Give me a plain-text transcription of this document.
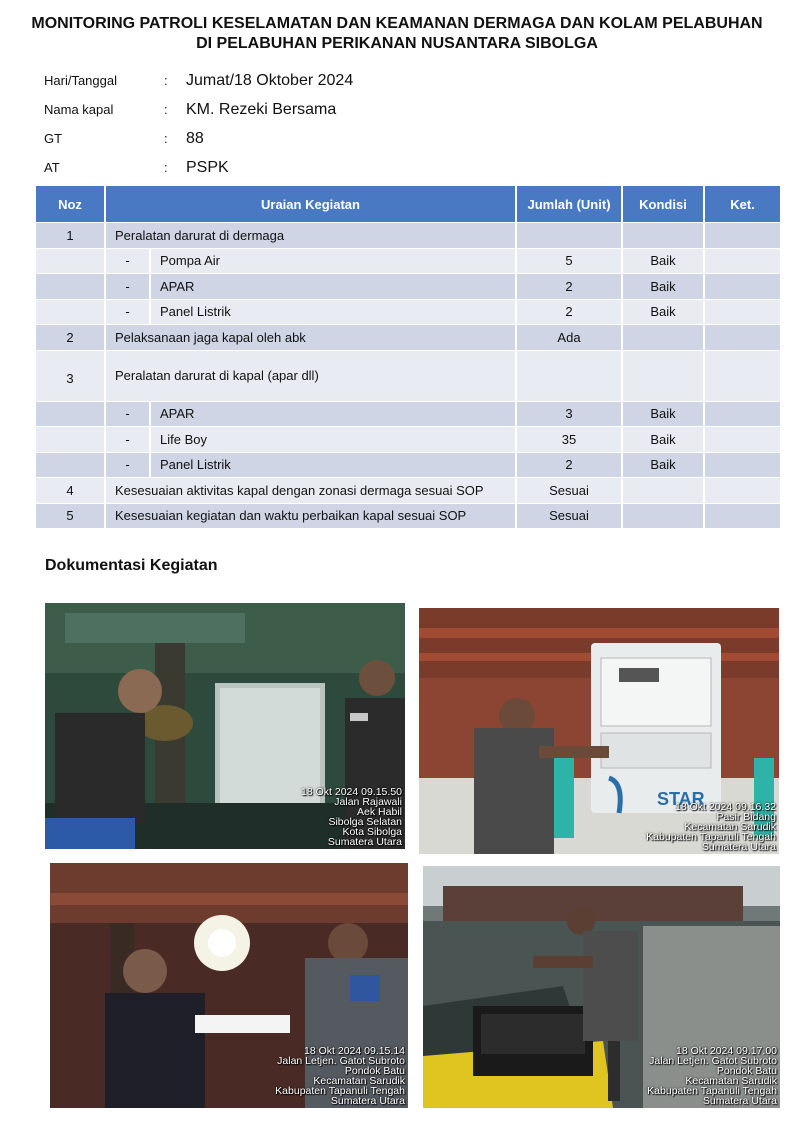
MONITORING PATROLI KESELAMATAN DAN KEAMANAN DERMAGA DAN KOLAM PELABUHAN
DI PELABUHAN PERIKANAN NUSANTARA SIBOLGA
Hari/Tanggal	:	Jumat/18 Oktober 2024
Nama kapal	:	KM. Rezeki Bersama
GT	:	88
AT	:	PSPK
Noz	Uraian Kegiatan		Jumlah (Unit)	Kondisi	Ket.
1	Peralatan darurat di dermaga				
	-	Pompa Air	5	Baik	
	-	APAR	2	Baik	
	-	Panel Listrik	2	Baik	
2	Pelaksanaan jaga kapal oleh abk		Ada		
3	Peralatan darurat di kapal (apar dll)				
	-	APAR	3	Baik	
	-	Life Boy	35	Baik	
	-	Panel Listrik	2	Baik	
4	Kesesuaian aktivitas kapal dengan zonasi dermaga sesuai SOP		Sesuai		
5	Kesesuaian kegiatan dan waktu perbaikan kapal sesuai SOP		Sesuai		
Dokumentasi Kegiatan
18 Okt 2024 09.15.50
Jalan Rajawali
Aek Habil
Sibolga Selatan
Kota Sibolga
Sumatera Utara
STAR
18 Okt 2024 09.16.32
Pasir Bidang
Kecamatan Sarudik
Kabupaten Tapanuli Tengah
Sumatera Utara
18 Okt 2024 09.15.14
Jalan Letjen. Gatot Subroto
Pondok Batu
Kecamatan Sarudik
Kabupaten Tapanuli Tengah
Sumatera Utara
18 Okt 2024 09.17.00
Jalan Letjen. Gatot Subroto
Pondok Batu
Kecamatan Sarudik
Kabupaten Tapanuli Tengah
Sumatera Utara
